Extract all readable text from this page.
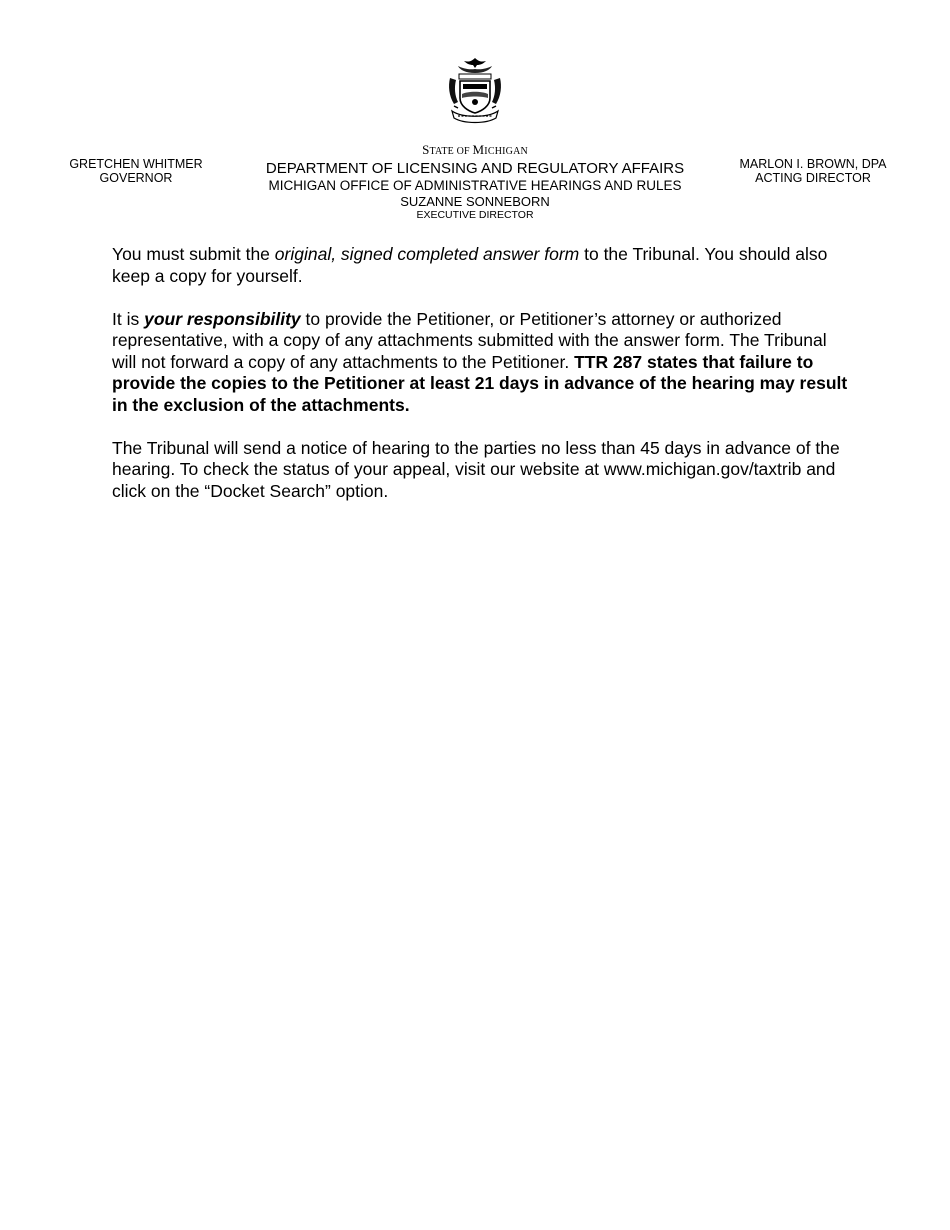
GRETCHEN WHITMER
GOVERNOR
STATE OF MICHIGAN
DEPARTMENT OF LICENSING AND REGULATORY AFFAIRS
MICHIGAN OFFICE OF ADMINISTRATIVE HEARINGS AND RULES
SUZANNE SONNEBORN
EXECUTIVE DIRECTOR
MARLON I. BROWN, DPA
ACTING DIRECTOR

You must submit the original, signed completed answer form to the Tribunal. You should also keep a copy for yourself.

It is your responsibility to provide the Petitioner, or Petitioner’s attorney or authorized representative, with a copy of any attachments submitted with the answer form. The Tribunal will not forward a copy of any attachments to the Petitioner. TTR 287 states that failure to provide the copies to the Petitioner at least 21 days in advance of the hearing may result in the exclusion of the attachments.

The Tribunal will send a notice of hearing to the parties no less than 45 days in advance of the hearing. To check the status of your appeal, visit our website at www.michigan.gov/taxtrib and click on the “Docket Search” option.
